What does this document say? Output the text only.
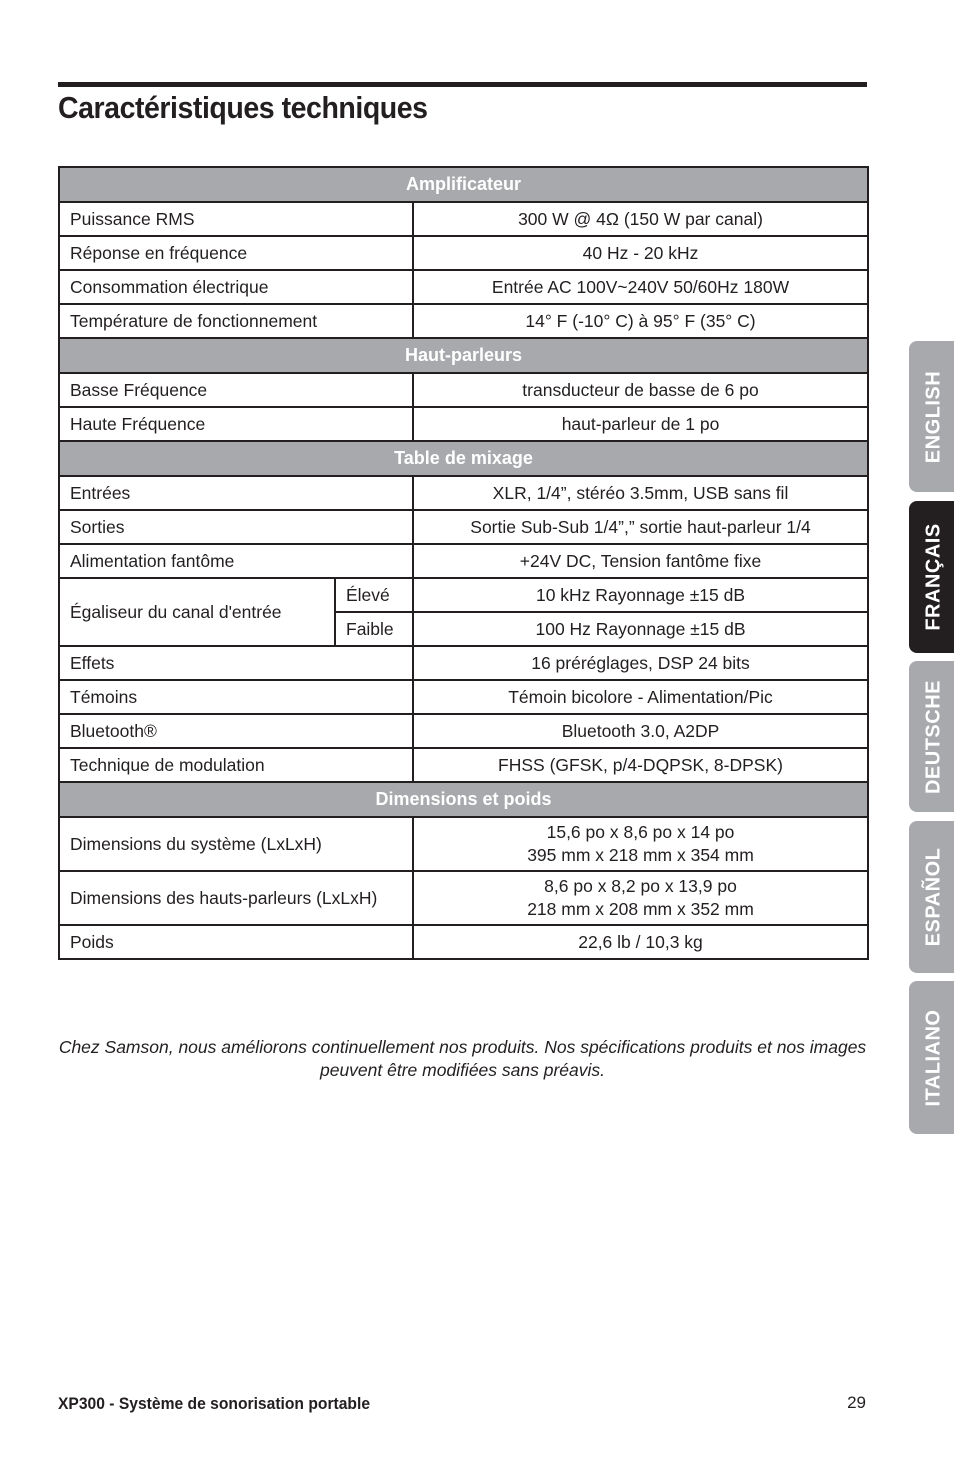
Caractéristiques techniques
Amplificateur		
Puissance RMS		300 W @ 4Ω (150 W par canal)
Réponse en fréquence		40 Hz - 20 kHz
Consommation électrique		Entrée AC 100V~240V 50/60Hz 180W
Température de fonctionnement		14° F (-10° C) à 95° F (35° C)
Haut-parleurs		
Basse Fréquence		transducteur de basse de 6 po
Haute Fréquence		haut-parleur de 1 po
Table de mixage		
Entrées		XLR, 1/4”, stéréo 3.5mm, USB sans fil
Sorties		Sortie Sub-Sub 1/4”,” sortie haut-parleur 1/4
Alimentation fantôme		+24V DC, Tension fantôme fixe
Égaliseur du canal d'entrée	Élevé	10 kHz Rayonnage ±15 dB
	Faible	100 Hz Rayonnage ±15 dB
Effets		16 préréglages, DSP 24 bits
Témoins		Témoin bicolore - Alimentation/Pic
Bluetooth®		Bluetooth 3.0, A2DP
Technique de modulation		FHSS (GFSK, p/4-DQPSK, 8-DPSK)
Dimensions et poids		
Dimensions du système (LxLxH)		15,6 po x 8,6 po x 14 po
395 mm x 218 mm x 354 mm

Dimensions des hauts-parleurs (LxLxH)		8,6 po x 8,2 po x 13,9 po
218 mm x 208 mm x 352 mm

Poids		22,6 lb / 10,3 kg
Chez Samson, nous améliorons continuellement nos produits. Nos spécifications produits et nos images peuvent être modifiées sans préavis.
XP300 - Système de sonorisation portable	29
ENGLISH
FRANÇAIS
DEUTSCHE
ESPAÑOL
ITALIANO
